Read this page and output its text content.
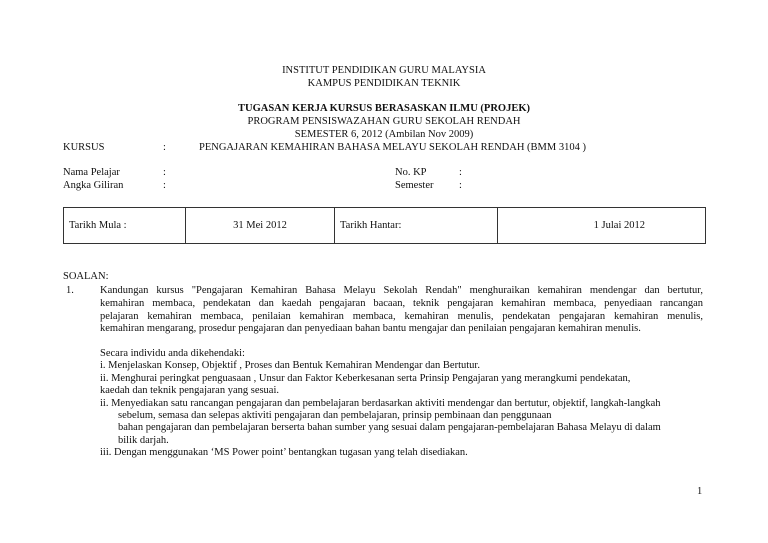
INSTITUT PENDIDIKAN GURU MALAYSIA
KAMPUS PENDIDIKAN TEKNIK
TUGASAN KERJA KURSUS BERASASKAN ILMU (PROJEK)
PROGRAM PENSISWAZAHAN GURU SEKOLAH RENDAH
SEMESTER 6, 2012 (Ambilan Nov 2009)
KURSUS	:	PENGAJARAN KEMAHIRAN BAHASA MELAYU SEKOLAH RENDAH (BMM 3104 )
Nama Pelajar	:	No. KP	:
Angka Giliran	:	Semester :
Tarikh Mula :	31 Mei 2012	Tarikh Hantar:	1 Julai 2012
SOALAN:
1. Kandungan kursus "Pengajaran Kemahiran Bahasa Melayu Sekolah Rendah" menghuraikan kemahiran mendengar dan bertutur,
kemahiran membaca, pendekatan dan kaedah pengajaran bacaan, teknik pengajaran kemahiran membaca, penyediaan rancangan
pelajaran kemahiran membaca, penilaian kemahiran membaca, kemahiran menulis, pendekatan pengajaran kemahiran menulis,
kemahiran mengarang, prosedur pengajaran dan penyediaan bahan bantu mengajar dan penilaian pengajaran kemahiran menulis.
Secara individu anda dikehendaki:
i. Menjelaskan Konsep, Objektif , Proses dan Bentuk Kemahiran Mendengar dan Bertutur.
ii. Menghurai peringkat penguasaan , Unsur dan Faktor Keberkesanan serta Prinsip Pengajaran yang merangkumi pendekatan,
kaedah dan teknik pengajaran yang sesuai.
ii. Menyediakan satu rancangan pengajaran dan pembelajaran berdasarkan aktiviti mendengar dan bertutur, objektif, langkah-langkah
sebelum, semasa dan selepas aktiviti pengajaran dan pembelajaran, prinsip pembinaan dan penggunaan
bahan pengajaran dan pembelajaran berserta bahan sumber yang sesuai dalam pengajaran-pembelajaran Bahasa Melayu di dalam
bilik darjah.
iii. Dengan menggunakan ‘MS Power point’ bentangkan tugasan yang telah disediakan.
1
